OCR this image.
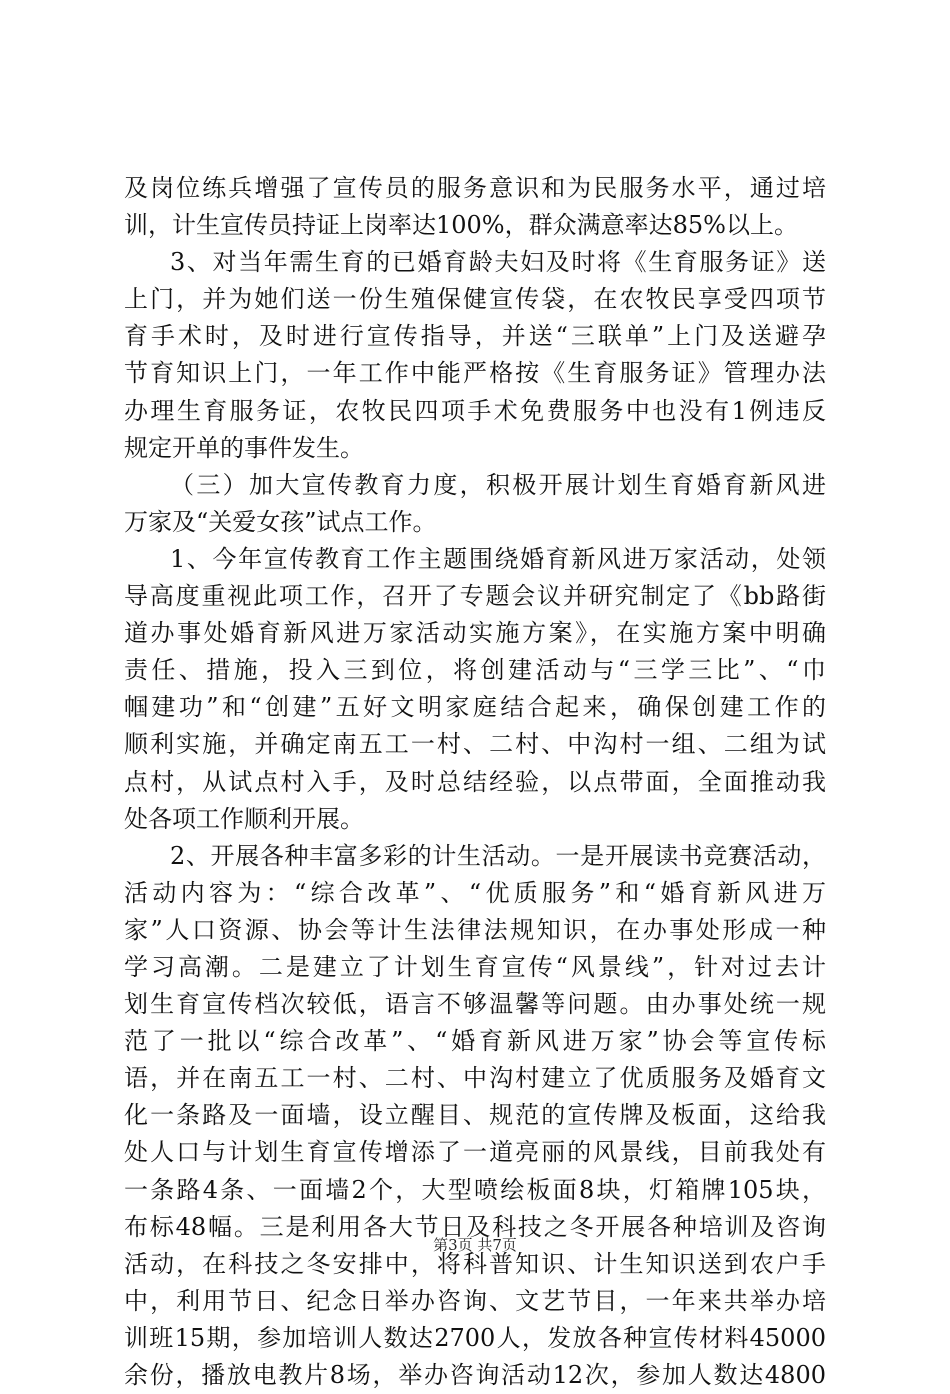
及岗位练兵增强了宣传员的服务意识和为民服务水平，通过培
训，计生宣传员持证上岗率达100%，群众满意率达85%以上。
3、对当年需生育的已婚育龄夫妇及时将《生育服务证》送
上门，并为她们送一份生殖保健宣传袋，在农牧民享受四项节
育手术时，及时进行宣传指导，并送“三联单”上门及送避孕
节育知识上门，一年工作中能严格按《生育服务证》管理办法
办理生育服务证，农牧民四项手术免费服务中也没有1例违反
规定开单的事件发生。
（三）加大宣传教育力度，积极开展计划生育婚育新风进
万家及“关爱女孩”试点工作。
1、今年宣传教育工作主题围绕婚育新风进万家活动，处领
导高度重视此项工作，召开了专题会议并研究制定了《bb路街
道办事处婚育新风进万家活动实施方案》，在实施方案中明确
责任、措施，投入三到位，将创建活动与“三学三比”、“巾
帼建功”和“创建”五好文明家庭结合起来，确保创建工作的
顺利实施，并确定南五工一村、二村、中沟村一组、二组为试
点村，从试点村入手，及时总结经验，以点带面，全面推动我
处各项工作顺利开展。
2、开展各种丰富多彩的计生活动。一是开展读书竞赛活动，
活动内容为：“综合改革”、“优质服务”和“婚育新风进万
家”人口资源、协会等计生法律法规知识，在办事处形成一种
学习高潮。二是建立了计划生育宣传“风景线”，针对过去计
划生育宣传档次较低，语言不够温馨等问题。由办事处统一规
范了一批以“综合改革”、“婚育新风进万家”协会等宣传标
语，并在南五工一村、二村、中沟村建立了优质服务及婚育文
化一条路及一面墙，设立醒目、规范的宣传牌及板面，这给我
处人口与计划生育宣传增添了一道亮丽的风景线，目前我处有
一条路4条、一面墙2个，大型喷绘板面8块，灯箱牌105块，
布标48幅。三是利用各大节日及科技之冬开展各种培训及咨询
活动，在科技之冬安排中，将科普知识、计生知识送到农户手
中，利用节日、纪念日举办咨询、文艺节目，一年来共举办培
训班15期，参加培训人数达2700人，发放各种宣传材料45000
余份，播放电教片8场，举办咨询活动12次，参加人数达4800
第3页 共7页
